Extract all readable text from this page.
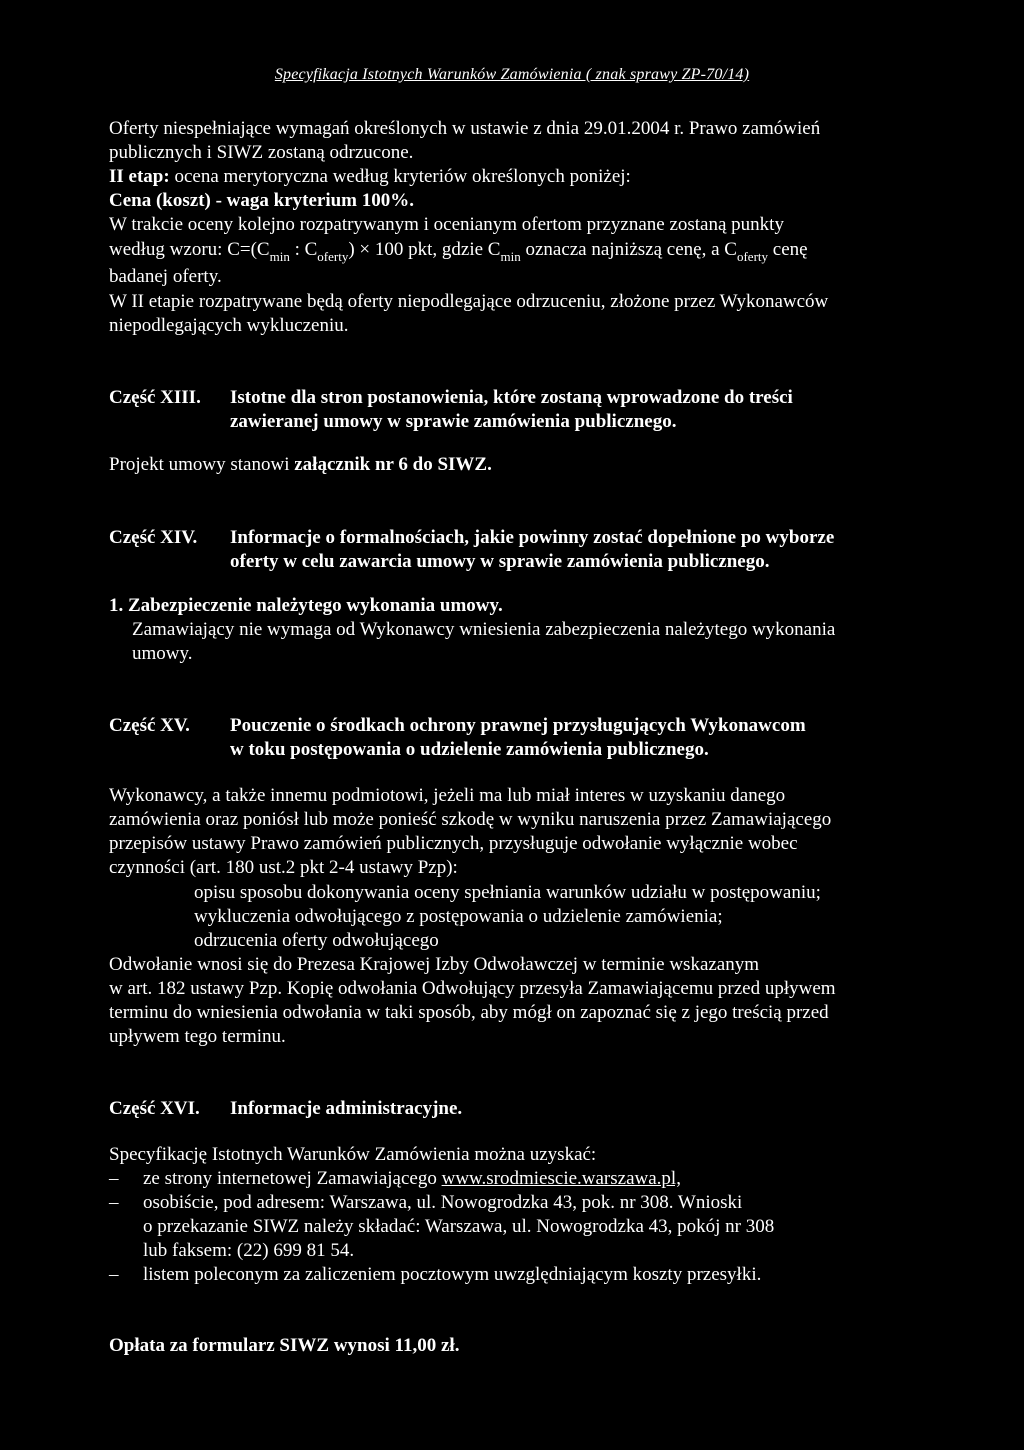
Specyfikacja Istotnych Warunków Zamówienia ( znak sprawy ZP-70/14)
Oferty niespełniające wymagań określonych w ustawie z dnia 29.01.2004 r. Prawo zamówień
publicznych i SIWZ zostaną odrzucone.
II etap: ocena merytoryczna według kryteriów określonych poniżej:
Cena (koszt) - waga kryterium 100%.
W trakcie oceny kolejno rozpatrywanym i ocenianym ofertom przyznane zostaną punkty
według wzoru: $C=(C_{min}$ : $C_{oferty}) \times 100$ pkt, gdzie $C_{min}$ oznacza najniższą cenę, a $C_{oferty}$ cenę
badanej oferty.
W II etapie rozpatrywane będą oferty niepodlegające odrzuceniu, złożone przez Wykonawców
niepodlegających wykluczeniu.
Część XIII. Istotne dla stron postanowienia, które zostaną wprowadzone do treści
zawieranej umowy w sprawie zamówienia publicznego.
Projekt umowy stanowi załącznik nr 6 do SIWZ.
Część XIV. Informacje o formalnościach, jakie powinny zostać dopełnione po wyborze
oferty w celu zawarcia umowy w sprawie zamówienia publicznego.
1. Zabezpieczenie należytego wykonania umowy.
Zamawiający nie wymaga od Wykonawcy wniesienia zabezpieczenia należytego wykonania
umowy.
Część XV. Pouczenie o środkach ochrony prawnej przysługujących Wykonawcom
w toku postępowania o udzielenie zamówienia publicznego.
Wykonawcy, a także innemu podmiotowi, jeżeli ma lub miał interes w uzyskaniu danego
zamówienia oraz poniósł lub może ponieść szkodę w wyniku naruszenia przez Zamawiającego
przepisów ustawy Prawo zamówień publicznych, przysługuje odwołanie wyłącznie wobec
czynności (art. 180 ust.2 pkt 2-4 ustawy Pzp):
opisu sposobu dokonywania oceny spełniania warunków udziału w postępowaniu;
wykluczenia odwołującego z postępowania o udzielenie zamówienia;
odrzucenia oferty odwołującego
Odwołanie wnosi się do Prezesa Krajowej Izby Odwoławczej w terminie wskazanym
w art. 182 ustawy Pzp. Kopię odwołania Odwołujący przesyła Zamawiającemu przed upływem
terminu do wniesienia odwołania w taki sposób, aby mógł on zapoznać się z jego treścią przed
upływem tego terminu.
Część XVI. Informacje administracyjne.
Specyfikację Istotnych Warunków Zamówienia można uzyskać:
– ze strony internetowej Zamawiającego www.srodmiescie.warszawa.pl,
– osobiście, pod adresem: Warszawa, ul. Nowogrodzka 43, pok. nr 308. Wnioski
o przekazanie SIWZ należy składać: Warszawa, ul. Nowogrodzka 43, pokój nr 308
lub faksem: (22) 699 81 54.
– listem poleconym za zaliczeniem pocztowym uwzględniającym koszty przesyłki.
Opłata za formularz SIWZ wynosi 11,00 zł.
